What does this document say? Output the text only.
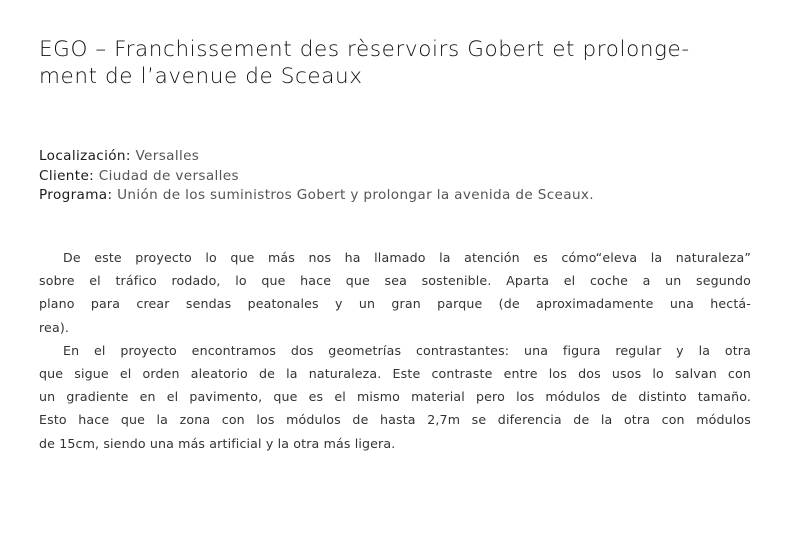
EGO – Franchissement des rèservoirs Gobert et prolonge-
ment de l’avenue de Sceaux
Localización: Versalles
Cliente: Ciudad de versalles
Programa: Unión de los suministros Gobert y prolongar la avenida de Sceaux.

De este proyecto lo que más nos ha llamado la atención es cómo“eleva la naturaleza”
sobre el tráfico rodado, lo que hace que sea sostenible. Aparta el coche a un segundo
plano para crear sendas peatonales y un gran parque (de aproximadamente una hectá-
rea).

En el proyecto encontramos dos geometrías contrastantes: una figura regular y la otra
que sigue el orden aleatorio de la naturaleza. Este contraste entre los dos usos lo salvan con
un gradiente en el pavimento, que es el mismo material pero los módulos de distinto tamaño.
Esto hace que la zona con los módulos de hasta 2,7m se diferencia de la otra con módulos
de 15cm, siendo una más artificial y la otra más ligera.
